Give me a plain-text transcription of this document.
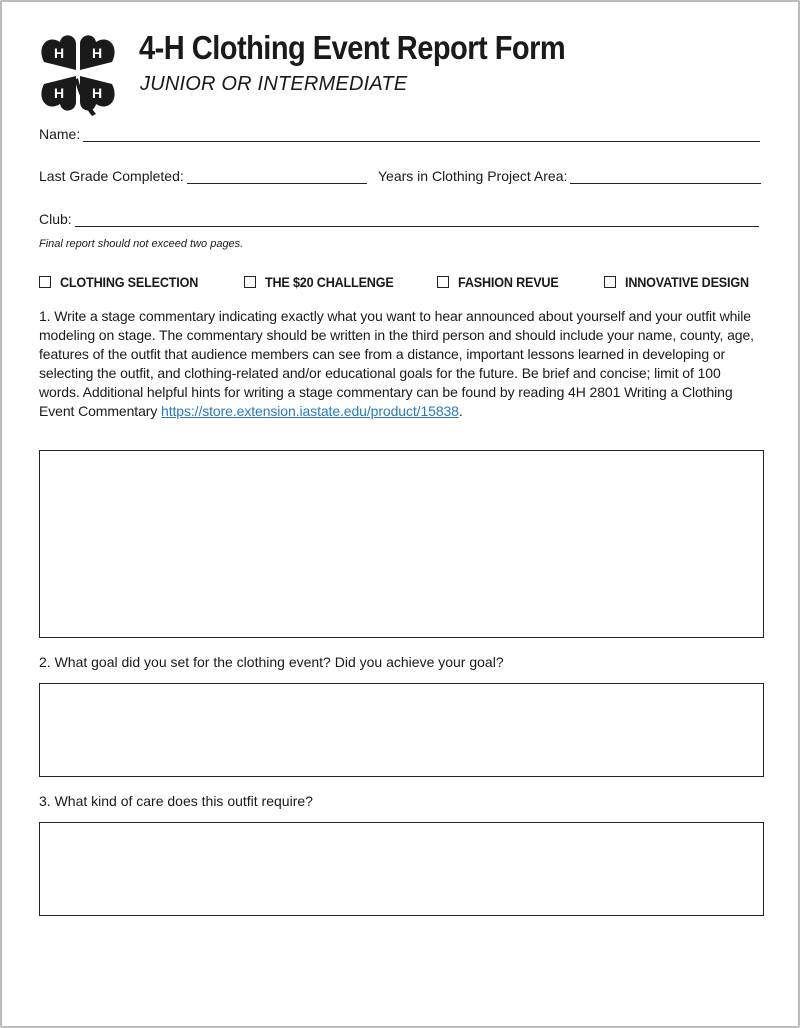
H H
H H
4-H Clothing Event Report Form
JUNIOR OR INTERMEDIATE
Name:
Last Grade Completed:	Years in Clothing Project Area:
Club:
Final report should not exceed two pages.
CLOTHING SELECTION	THE $20 CHALLENGE	FASHION REVUE	INNOVATIVE DESIGN
1. Write a stage commentary indicating exactly what you want to hear announced about yourself and your outfit while modeling on stage. The commentary should be written in the third person and should include your name, county, age, features of the outfit that audience members can see from a distance, important lessons learned in developing or selecting the outfit, and clothing-related and/or educational goals for the future. Be brief and concise; limit of 100 words. Additional helpful hints for writing a stage commentary can be found by reading 4H 2801 Writing a Clothing Event Commentary https://store.extension.iastate.edu/product/15838.
2. What goal did you set for the clothing event? Did you achieve your goal?
3. What kind of care does this outfit require?
